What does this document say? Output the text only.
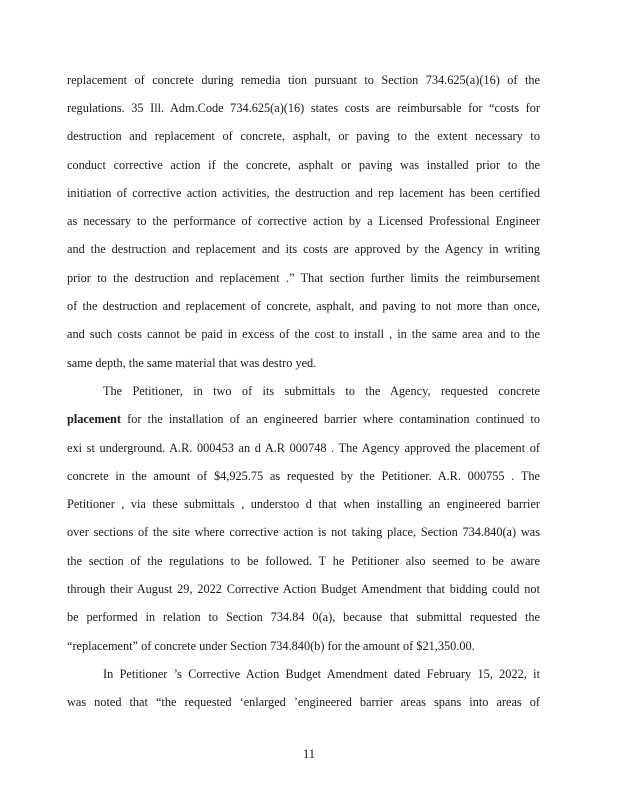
replacement of concrete during remedia tion pursuant to Section 734.625(a)(16) of the
regulations. 35 Ill. Adm.Code 734.625(a)(16) states costs are reimbursable for “costs for
destruction and replacement of concrete, asphalt, or paving to the extent necessary to
conduct corrective action if the concrete, asphalt or paving was installed prior to the
initiation of corrective action activities, the destruction and rep lacement has been certified
as necessary to the performance of corrective action by a Licensed Professional Engineer
and the destruction and replacement and its costs are approved by the Agency in writing
prior to the destruction and replacement .” That section further limits the reimbursement
of the destruction and replacement of concrete, asphalt, and paving to not more than once,
and such costs cannot be paid in excess of the cost to install , in the same area and to the
same depth, the same material that was destro yed.
The Petitioner, in two of its submittals to the Agency, requested concrete
placement for the installation of an engineered barrier where contamination continued to
exi st underground. A.R. 000453 an d A.R 000748 . The Agency approved the placement of
concrete in the amount of $4,925.75 as requested by the Petitioner. A.R. 000755 . The
Petitioner , via these submittals , understoo d that when installing an engineered barrier
over sections of the site where corrective action is not taking place, Section 734.840(a) was
the section of the regulations to be followed. T he Petitioner also seemed to be aware
through their August 29, 2022 Corrective Action Budget Amendment that bidding could not
be performed in relation to Section 734.84 0(a), because that submittal requested the
“replacement” of concrete under Section 734.840(b) for the amount of $21,350.00.
In Petitioner ’s Corrective Action Budget Amendment dated February 15, 2022, it
was noted that “the requested ‘enlarged ’engineered barrier areas spans into areas of
11
